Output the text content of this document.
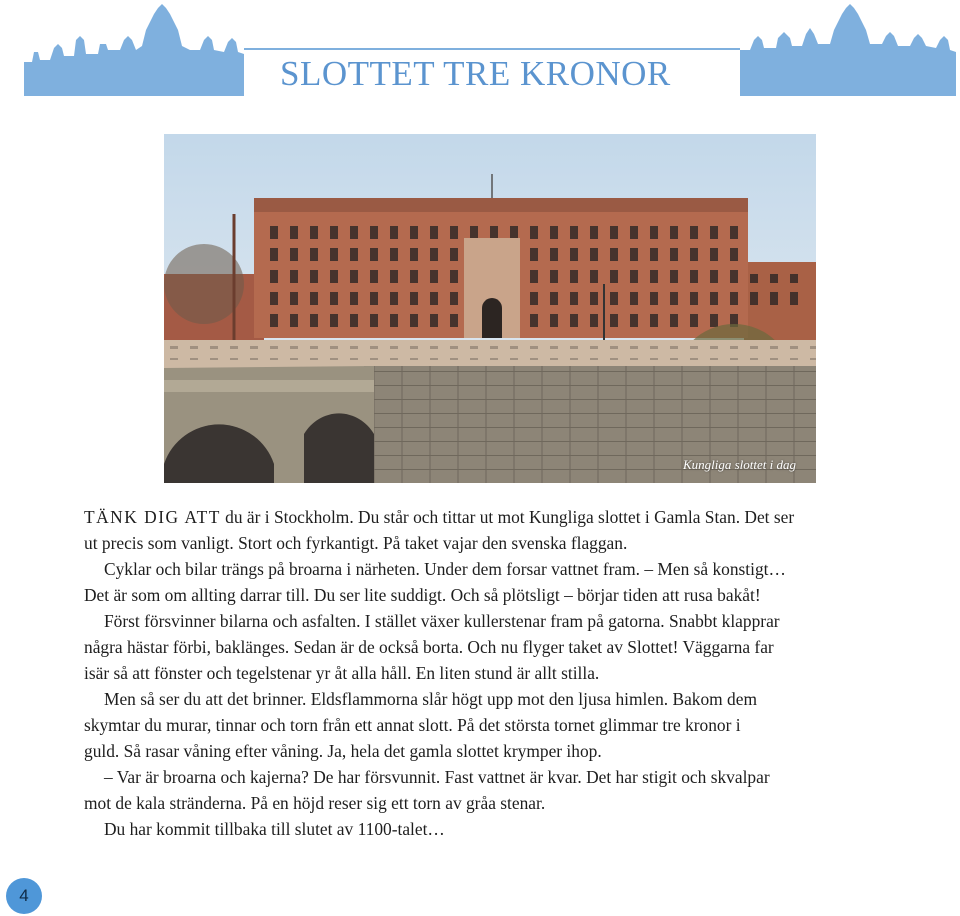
SLOTTET TRE KRONOR
Kungliga slottet i dag
TÄNK DIG ATT du är i Stockholm. Du står och tittar ut mot Kungliga slottet i Gamla Stan. Det ser
ut precis som vanligt. Stort och fyrkantigt. På taket vajar den svenska flaggan.
Cyklar och bilar trängs på broarna i närheten. Under dem forsar vattnet fram. – Men så konstigt…
Det är som om allting darrar till. Du ser lite suddigt. Och så plötsligt – börjar tiden att rusa bakåt!
Först försvinner bilarna och asfalten. I stället växer kullerstenar fram på gatorna. Snabbt klapprar
några hästar förbi, baklänges. Sedan är de också borta. Och nu flyger taket av Slottet! Väggarna far
isär så att fönster och tegelstenar yr åt alla håll. En liten stund är allt stilla.
Men så ser du att det brinner. Eldsflammorna slår högt upp mot den ljusa himlen. Bakom dem
skymtar du murar, tinnar och torn från ett annat slott. På det största tornet glimmar tre kronor i
guld. Så rasar våning efter våning. Ja, hela det gamla slottet krymper ihop.
– Var är broarna och kajerna? De har försvunnit. Fast vattnet är kvar. Det har stigit och skvalpar
mot de kala stränderna. På en höjd reser sig ett torn av gråa stenar.
Du har kommit tillbaka till slutet av 1100-talet…
4
